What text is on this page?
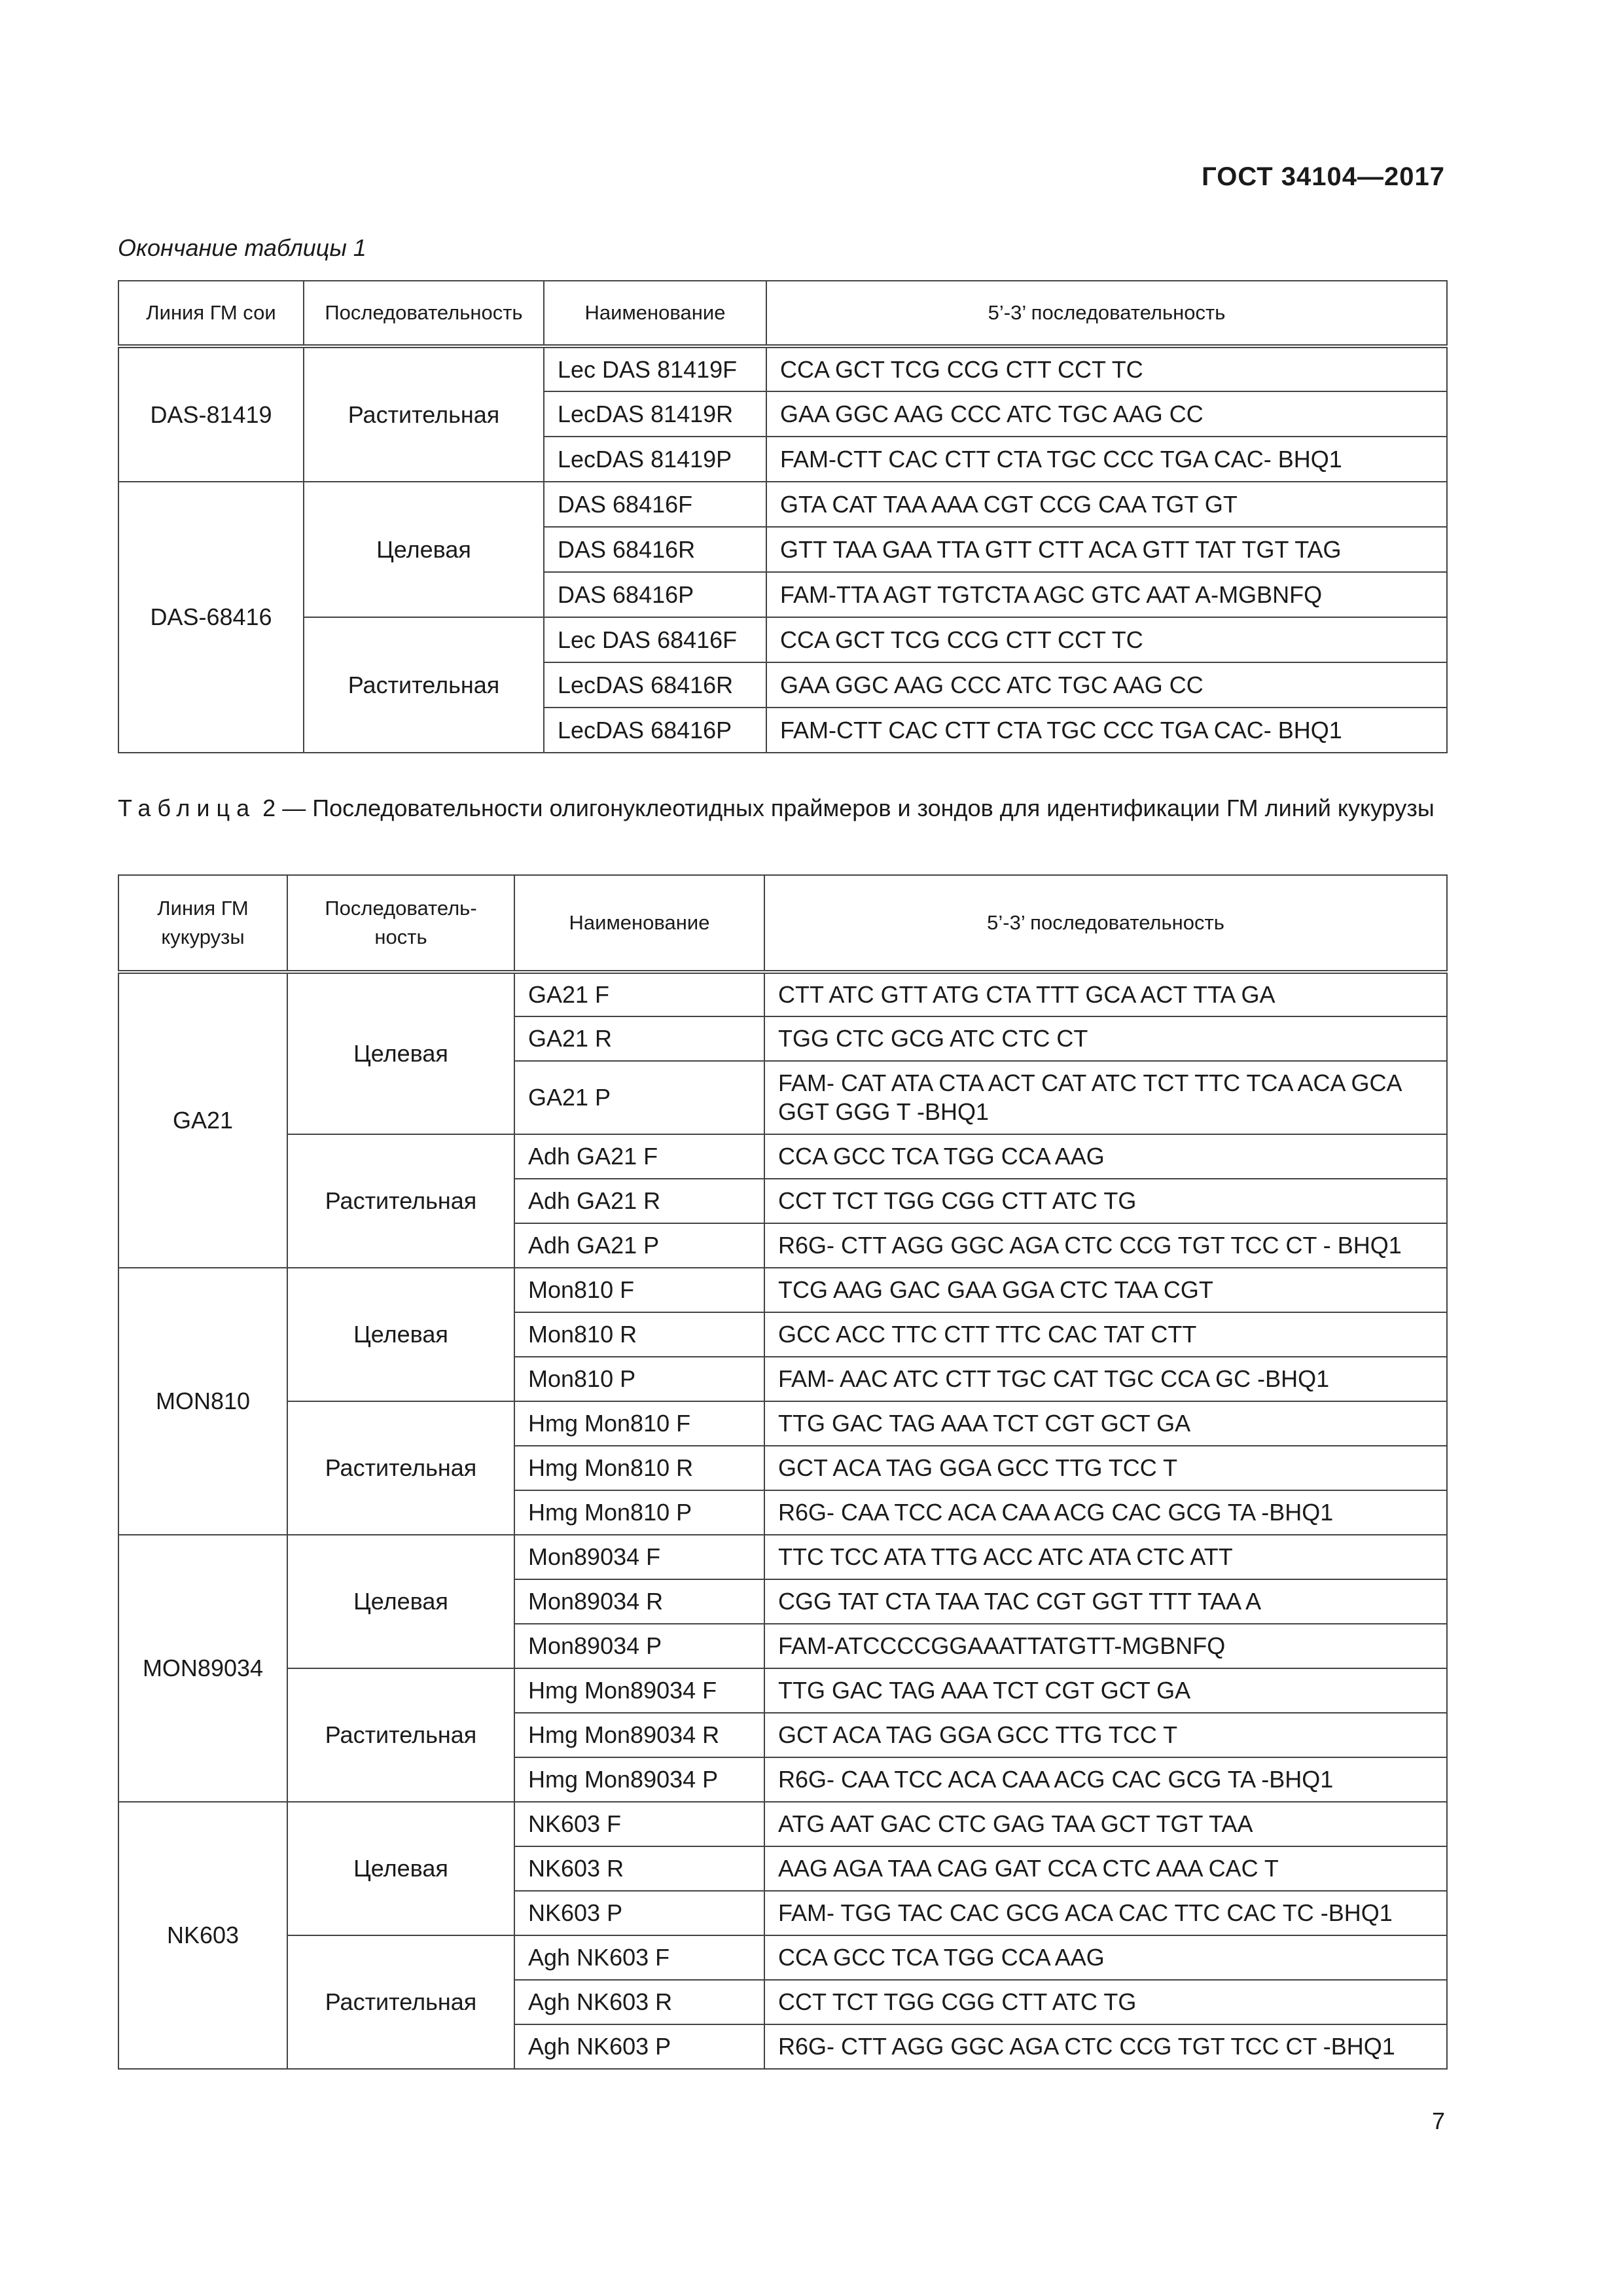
ГОСТ 34104—2017
Окончание таблицы 1
Линия ГМ сои	Последовательность	Наименование	5’-3’ последовательность
DAS-81419	Растительная	Lec DAS 81419F	CCA GCT TCG CCG CTT CCT TC
		LecDAS 81419R	GAA GGC AAG CCC ATC TGC AAG CC
		LecDAS 81419P	FAM-CTT CAC CTT CTA TGC CCC TGA CAC- BHQ1
DAS-68416	Целевая	DAS 68416F	GTA CAT TAA AAA CGT CCG CAA TGT GT
		DAS 68416R	GTT TAA GAA TTA GTT CTT ACA GTT TAT TGT TAG
		DAS 68416P	FAM-TTA AGT TGTCTA AGC GTC AAT A-MGBNFQ
	Растительная	Lec DAS 68416F	CCA GCT TCG CCG CTT CCT TC
		LecDAS 68416R	GAA GGC AAG CCC ATC TGC AAG CC
		LecDAS 68416P	FAM-CTT CAC CTT CTA TGC CCC TGA CAC- BHQ1
Таблица 2 — Последовательности олигонуклеотидных праймеров и зондов для идентификации ГМ линий кукурузы
Линия ГМ кукурузы	Последователь-ность	Наименование	5’-3’ последовательность
GA21	Целевая	GA21 F	CTT ATC GTT ATG CTA TTT GCA ACT TTA GA
		GA21 R	TGG CTC GCG ATC CTC CT
		GA21 P	FAM- CAT ATA CTA ACT CAT ATC TCT TTC TCA ACA GCA GGT GGG T -BHQ1
	Растительная	Adh GA21 F	CCA GCC TCA TGG CCA AAG
		Adh GA21 R	CCT TCT TGG CGG CTT ATC TG
		Adh GA21 P	R6G- CTT AGG GGC AGA CTC CCG TGT TCC CT - BHQ1
MON810	Целевая	Mon810 F	TCG AAG GAC GAA GGA CTC TAA CGT
		Mon810 R	GCC ACC TTC CTT TTC CAC TAT CTT
		Mon810 P	FAM- AAC ATC CTT TGC CAT TGC CCA GC -BHQ1
	Растительная	Hmg Mon810 F	TTG GAC TAG AAA TCT CGT GCT GA
		Hmg Mon810 R	GCT ACA TAG GGA GCC TTG TCC T
		Hmg Mon810 P	R6G- CAA TCC ACA CAA ACG CAC GCG TA -BHQ1
MON89034	Целевая	Mon89034 F	TTC TCC ATA TTG ACC ATC ATA CTC ATT
		Mon89034 R	CGG TAT CTA TAA TAC CGT GGT TTT TAA A
		Mon89034 P	FAM-ATCCCCGGAAATTATGTT-MGBNFQ
	Растительная	Hmg Mon89034 F	TTG GAC TAG AAA TCT CGT GCT GA
		Hmg Mon89034 R	GCT ACA TAG GGA GCC TTG TCC T
		Hmg Mon89034 P	R6G- CAA TCC ACA CAA ACG CAC GCG TA -BHQ1
NK603	Целевая	NK603 F	ATG AAT GAC CTC GAG TAA GCT TGT TAA
		NK603 R	AAG AGA TAA CAG GAT CCA CTC AAA CAC T
		NK603 P	FAM- TGG TAC CAC GCG ACA CAC TTC CAC TC -BHQ1
	Растительная	Agh NK603 F	CCA GCC TCA TGG CCA AAG
		Agh NK603 R	CCT TCT TGG CGG CTT ATC TG
		Agh NK603 P	R6G- CTT AGG GGC AGA CTC CCG TGT TCC CT -BHQ1
7
